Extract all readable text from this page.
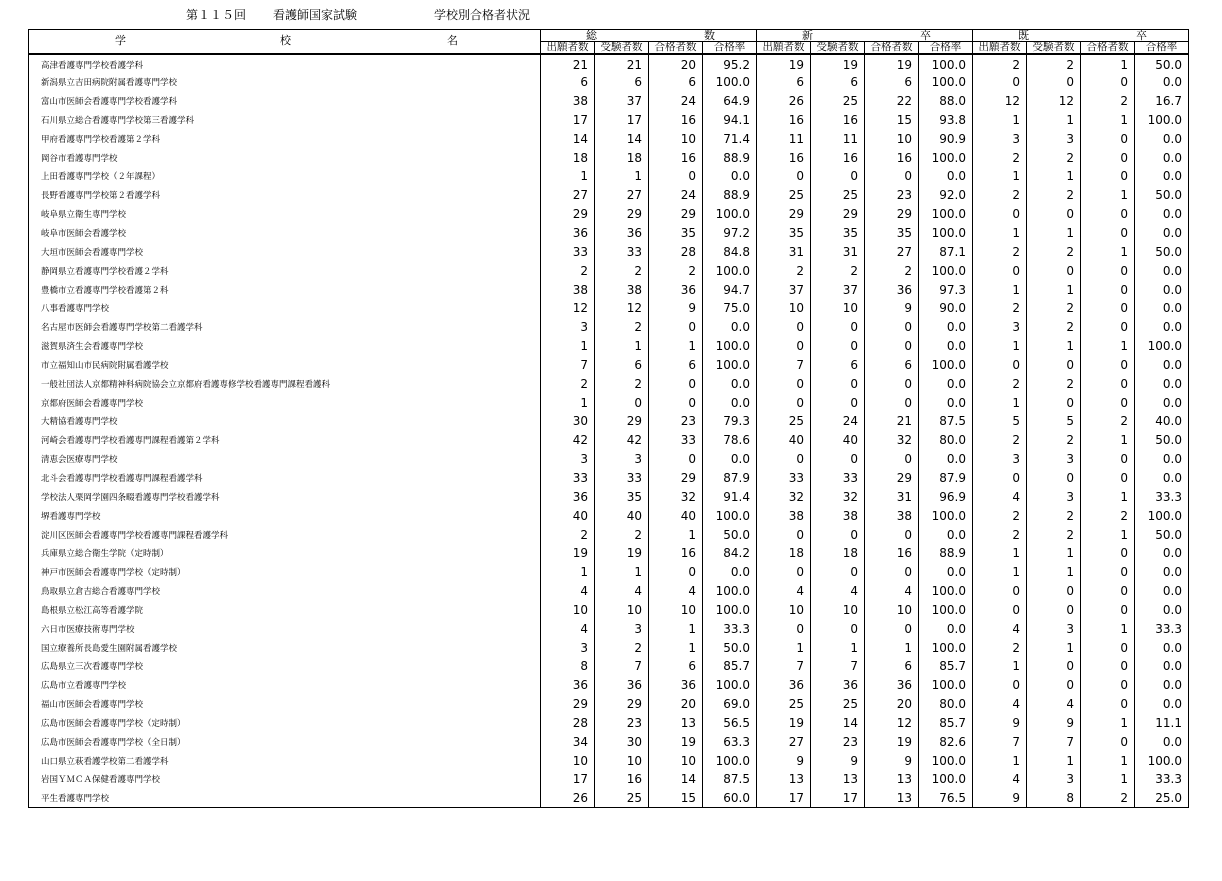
第１１５回 看護師国家試験	学校別合格者状況
学 校 名	総 数				新 卒				既 卒			

	出願者数	受験者数	合格者数	合格率	出願者数	受験者数	合格者数	合格率	出願者数	受験者数	合格者数	合格率
高津看護専門学校看護学科	21	21	20	95.2	19	19	19	100.0	2	2	1	50.0
新潟県立吉田病院附属看護専門学校	6	6	6	100.0	6	6	6	100.0	0	0	0	0.0
富山市医師会看護専門学校看護学科	38	37	24	64.9	26	25	22	88.0	12	12	2	16.7
石川県立総合看護専門学校第三看護学科	17	17	16	94.1	16	16	15	93.8	1	1	1	100.0
甲府看護専門学校看護第２学科	14	14	10	71.4	11	11	10	90.9	3	3	0	0.0
岡谷市看護専門学校	18	18	16	88.9	16	16	16	100.0	2	2	0	0.0
上田看護専門学校（２年課程）	1	1	0	0.0	0	0	0	0.0	1	1	0	0.0
長野看護専門学校第２看護学科	27	27	24	88.9	25	25	23	92.0	2	2	1	50.0
岐阜県立衛生専門学校	29	29	29	100.0	29	29	29	100.0	0	0	0	0.0
岐阜市医師会看護学校	36	36	35	97.2	35	35	35	100.0	1	1	0	0.0
大垣市医師会看護専門学校	33	33	28	84.8	31	31	27	87.1	2	2	1	50.0
静岡県立看護専門学校看護２学科	2	2	2	100.0	2	2	2	100.0	0	0	0	0.0
豊橋市立看護専門学校看護第２科	38	38	36	94.7	37	37	36	97.3	1	1	0	0.0
八事看護専門学校	12	12	9	75.0	10	10	9	90.0	2	2	0	0.0
名古屋市医師会看護専門学校第二看護学科	3	2	0	0.0	0	0	0	0.0	3	2	0	0.0
滋賀県済生会看護専門学校	1	1	1	100.0	0	0	0	0.0	1	1	1	100.0
市立福知山市民病院附属看護学校	7	6	6	100.0	7	6	6	100.0	0	0	0	0.0
一般社団法人京都精神科病院協会立京都府看護専修学校看護専門課程看護科	2	2	0	0.0	0	0	0	0.0	2	2	0	0.0
京都府医師会看護専門学校	1	0	0	0.0	0	0	0	0.0	1	0	0	0.0
大精協看護専門学校	30	29	23	79.3	25	24	21	87.5	5	5	2	40.0
河崎会看護専門学校看護専門課程看護第２学科	42	42	33	78.6	40	40	32	80.0	2	2	1	50.0
清恵会医療専門学校	3	3	0	0.0	0	0	0	0.0	3	3	0	0.0
北斗会看護専門学校看護専門課程看護学科	33	33	29	87.9	33	33	29	87.9	0	0	0	0.0
学校法人栗岡学園四条畷看護専門学校看護学科	36	35	32	91.4	32	32	31	96.9	4	3	1	33.3
堺看護専門学校	40	40	40	100.0	38	38	38	100.0	2	2	2	100.0
淀川区医師会看護専門学校看護専門課程看護学科	2	2	1	50.0	0	0	0	0.0	2	2	1	50.0
兵庫県立総合衛生学院（定時制）	19	19	16	84.2	18	18	16	88.9	1	1	0	0.0
神戸市医師会看護専門学校（定時制）	1	1	0	0.0	0	0	0	0.0	1	1	0	0.0
鳥取県立倉吉総合看護専門学校	4	4	4	100.0	4	4	4	100.0	0	0	0	0.0
島根県立松江高等看護学院	10	10	10	100.0	10	10	10	100.0	0	0	0	0.0
六日市医療技術専門学校	4	3	1	33.3	0	0	0	0.0	4	3	1	33.3
国立療養所長島愛生園附属看護学校	3	2	1	50.0	1	1	1	100.0	2	1	0	0.0
広島県立三次看護専門学校	8	7	6	85.7	7	7	6	85.7	1	0	0	0.0
広島市立看護専門学校	36	36	36	100.0	36	36	36	100.0	0	0	0	0.0
福山市医師会看護専門学校	29	29	20	69.0	25	25	20	80.0	4	4	0	0.0
広島市医師会看護専門学校（定時制）	28	23	13	56.5	19	14	12	85.7	9	9	1	11.1
広島市医師会看護専門学校（全日制）	34	30	19	63.3	27	23	19	82.6	7	7	0	0.0
山口県立萩看護学校第二看護学科	10	10	10	100.0	9	9	9	100.0	1	1	1	100.0
岩国ＹＭＣＡ保健看護専門学校	17	16	14	87.5	13	13	13	100.0	4	3	1	33.3
平生看護専門学校	26	25	15	60.0	17	17	13	76.5	9	8	2	25.0
